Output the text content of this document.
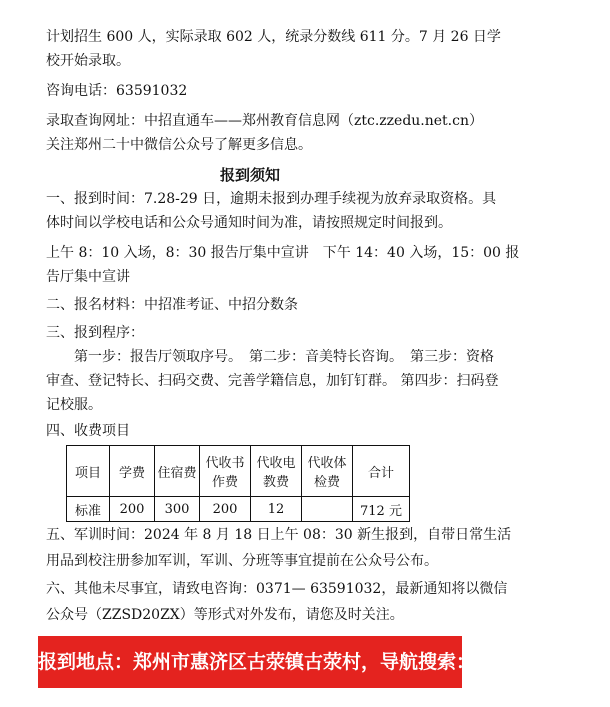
计划招生 600 人，实际录取 602 人，统录分数线 611 分。7 月 26 日学
校开始录取。
咨询电话：63591032
录取查询网址：中招直通车——郑州教育信息网（ztc.zzedu.net.cn）
关注郑州二十中微信公众号了解更多信息。
报到须知
一、报到时间：7.28-29 日，逾期未报到办理手续视为放弃录取资格。具
体时间以学校电话和公众号通知时间为准，请按照规定时间报到。
上午 8：10 入场，8：30 报告厅集中宣讲　下午 14：40 入场，15：00 报
告厅集中宣讲
二、报名材料：中招准考证、中招分数条
三、报到程序：
第一步：报告厅领取序号。　第二步：音美特长咨询。　第三步：资格
审查、登记特长、扫码交费、完善学籍信息，加钉钉群。 第四步：扫码登
记校服。
四、收费项目
项目	学费	住宿费	代收书作费	代收电教费	代收体检费	合计
标准	200	300	200	12		712 元
五、军训时间：2024 年 8 月 18 日上午 08：30 新生报到，自带日常生活
用品到校注册参加军训，军训、分班等事宜提前在公众号公布。
六、其他未尽事宜，请致电咨询：0371— 63591032，最新通知将以微信
公众号（ZZSD20ZX）等形式对外发布，请您及时关注。
报到地点：郑州市惠济区古荥镇古荥村，导航搜索：大河路446号。
